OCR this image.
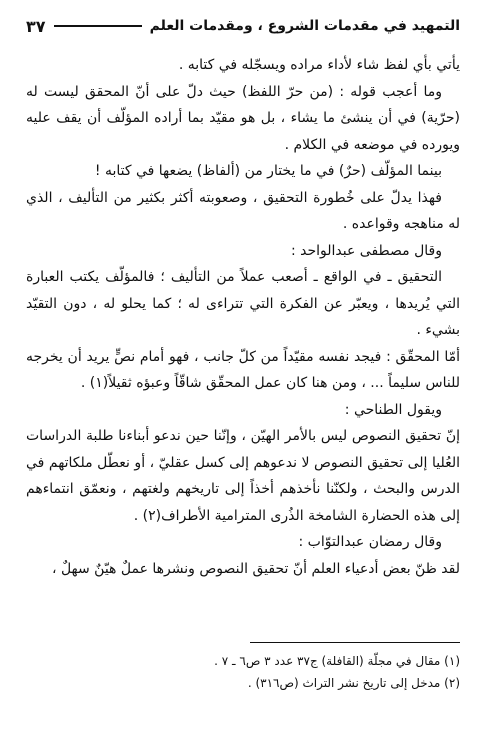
التمهيد في مقدمات الشروع ، ومقدمات العلم
٣٧

يأتي بأي لفظ شاء لأداء مراده ويسجّله في كتابه .

وما أعجب قوله : (من حرّ اللفظ) حيث دلّ على أنّ المحقق ليست له (حرّية) في أن ينشئ ما يشاء ، بل هو مقيّد بما أراده المؤلّف أن يقف عليه ويورده في موضعه في الكلام .

بينما المؤلّف (حرٌ) في ما يختار من (ألفاظ) يضعها في كتابه !

فهذا يدلّ على خُطورة التحقيق ، وصعوبته أكثر بكثير من التأليف ، الذي له مناهجه وقواعده .

وقال مصطفى عبدالواحد :

التحقيق ـ في الواقع ـ أصعب عملاً من التأليف ؛ فالمؤلّف يكتب العبارة التي يُريدها ، ويعبّر عن الفكرة التي تتراءى له ؛ كما يحلو له ، دون التقيّد بشيء .

أمّا المحقّق : فيجد نفسه مقيّداً من كلّ جانب ، فهو أمام نصٍّ يريد أن يخرجه للناس سليماً ... ، ومن هنا كان عمل المحقّق شاقّاً وعبؤه ثقيلاً(١) .

ويقول الطناحي :

إنّ تحقيق النصوص ليس بالأمر الهيّن ، وإنّنا حين ندعو أبناءنا طلبة الدراسات العُليا إلى تحقيق النصوص لا ندعوهم إلى كسل عقليّ ، أو نعطّل ملكاتهم في الدرس والبحث ، ولكنّنا نأخذهم أخذاً إلى تاريخهم ولغتهم ، ونعمّق انتماءهم إلى هذه الحضارة الشامخة الذُرى المترامية الأطراف(٢) .

وقال رمضان عبدالتوّاب :

لقد ظنّ بعض أدعياء العلم أنّ تحقيق النصوص ونشرها عملٌ هيّنٌ سهلٌ ،

(١) مقال في مجلّة (القافلة) ج٣٧ عدد ٣ ص٦ ـ ٧ .

(٢) مدخل إلى تاريخ نشر التراث (ص٣١٦) .
